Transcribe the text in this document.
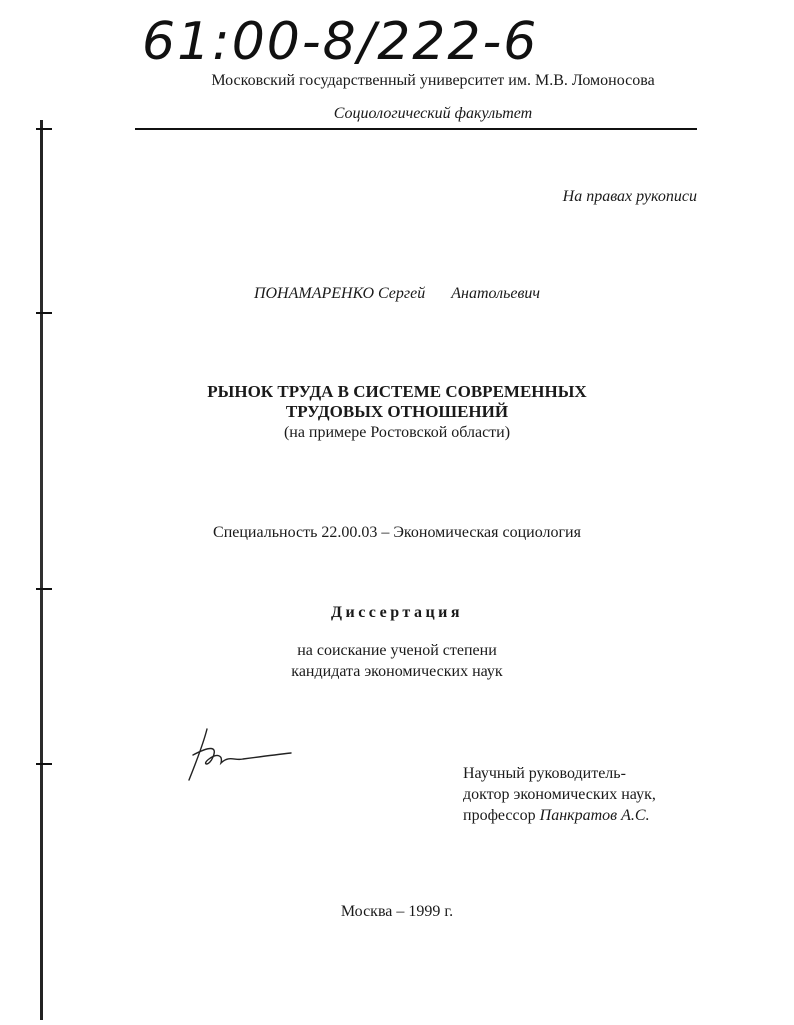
61:00-8/222-6
Московский государственный университет им. М.В. Ломоносова
Социологический факультет
На правах рукописи
ПОНАМАРЕНКО Сергей Анатольевич
РЫНОК ТРУДА В СИСТЕМЕ СОВРЕМЕННЫХ
ТРУДОВЫХ ОТНОШЕНИЙ
(на примере Ростовской области)
Специальность 22.00.03 – Экономическая социология
Диссертация
на соискание ученой степени
кандидата экономических наук
Научный руководитель-
доктор экономических наук,
профессор Панкратов А.С.
Москва – 1999 г.
